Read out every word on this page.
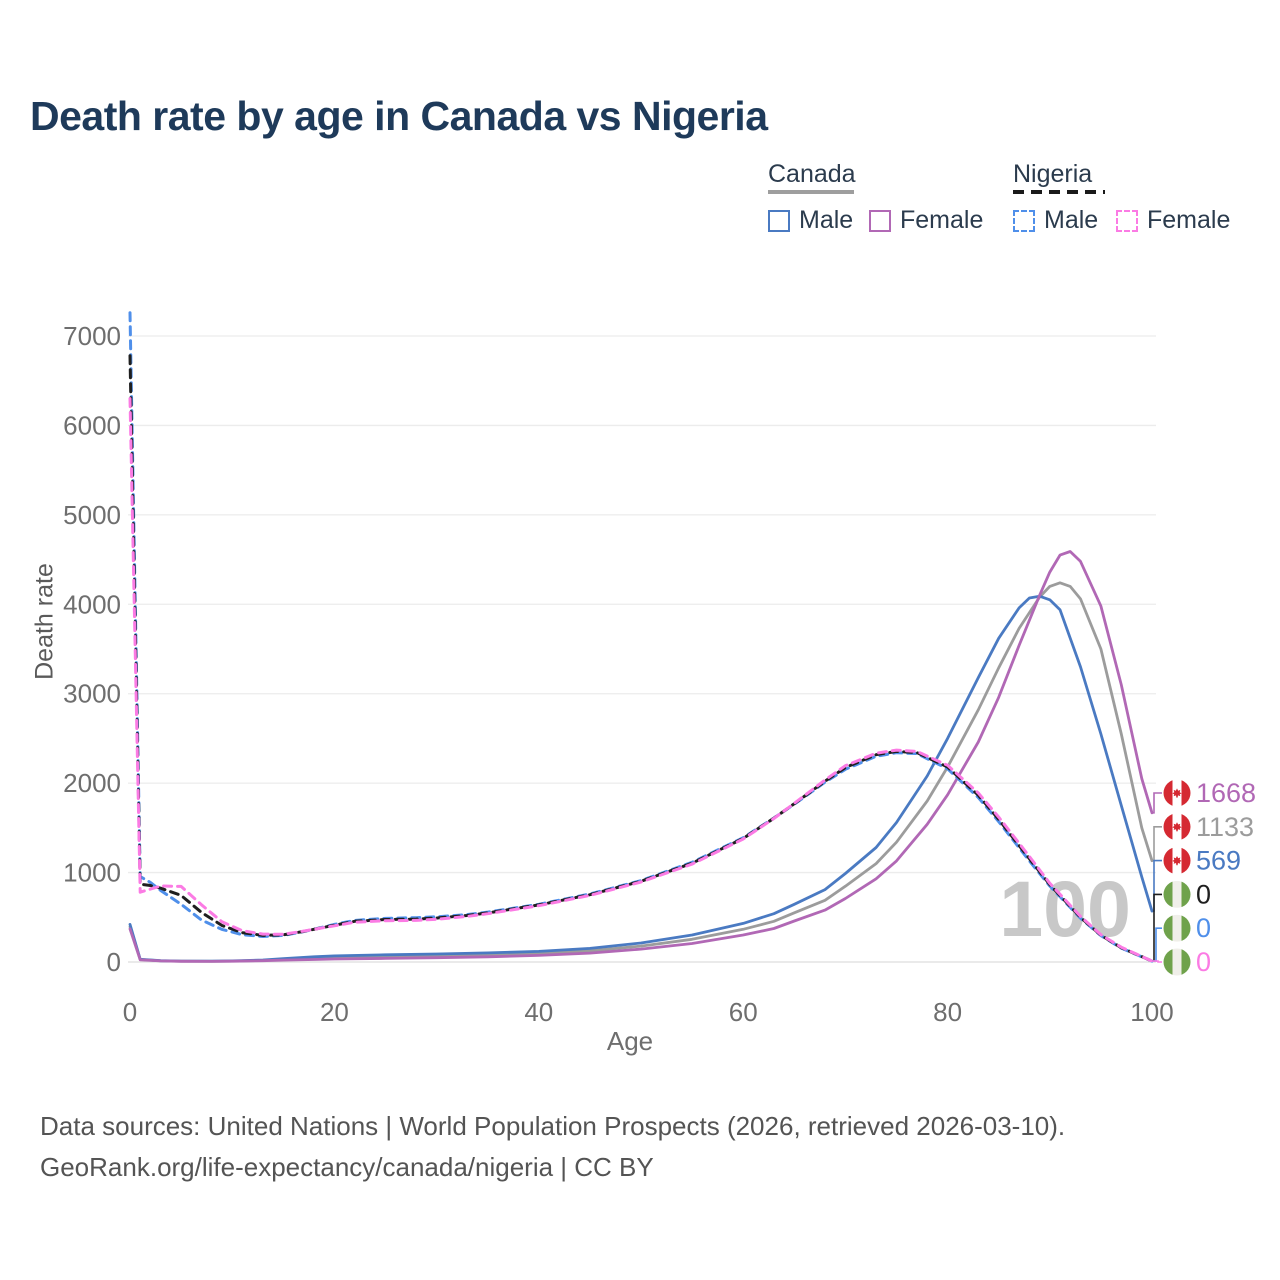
Death rate by age in Canada vs Nigeria
Canada
Male Female
Nigeria
Male Female
100
0
1000
2000
3000
4000
5000
6000
7000
0	20	40	60	80	100
1668
1133
569
0
0
0
Death rate
Age
Data sources: United Nations | World Population Prospects (2026, retrieved 2026-03-10).
GeoRank.org/life-expectancy/canada/nigeria | CC BY
